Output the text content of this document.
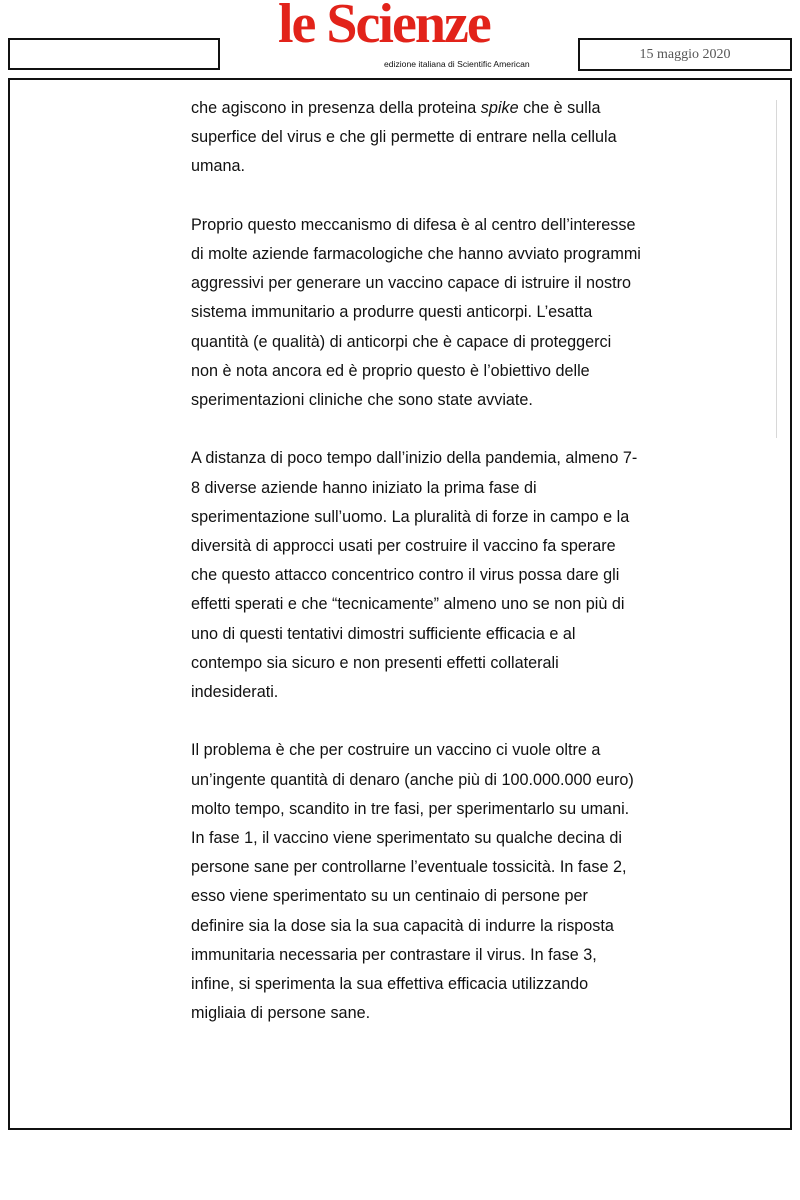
le Scienze
edizione italiana di Scientific American
15 maggio 2020

che agiscono in presenza della proteina spike che è sulla superfice del virus e che gli permette di entrare nella cellula umana.

Proprio questo meccanismo di difesa è al centro dell’interesse di molte aziende farmacologiche che hanno avviato programmi aggressivi per generare un vaccino capace di istruire il nostro sistema immunitario a produrre questi anticorpi. L’esatta quantità (e qualità) di anticorpi che è capace di proteggerci non è nota ancora ed è proprio questo è l’obiettivo delle sperimentazioni cliniche che sono state avviate.

A distanza di poco tempo dall’inizio della pandemia, almeno 7-8 diverse aziende hanno iniziato la prima fase di sperimentazione sull’uomo. La pluralità di forze in campo e la diversità di approcci usati per costruire il vaccino fa sperare che questo attacco concentrico contro il virus possa dare gli effetti sperati e che “tecnicamente” almeno uno se non più di uno di questi tentativi dimostri sufficiente efficacia e al contempo sia sicuro e non presenti effetti collaterali indesiderati.

Il problema è che per costruire un vaccino ci vuole oltre a un’ingente quantità di denaro (anche più di 100.000.000 euro) molto tempo, scandito in tre fasi, per sperimentarlo su umani. In fase 1, il vaccino viene sperimentato su qualche decina di persone sane per controllarne l’eventuale tossicità. In fase 2, esso viene sperimentato su un centinaio di persone per definire sia la dose sia la sua capacità di indurre la risposta immunitaria necessaria per contrastare il virus. In fase 3, infine, si sperimenta la sua effettiva efficacia utilizzando migliaia di persone sane.
